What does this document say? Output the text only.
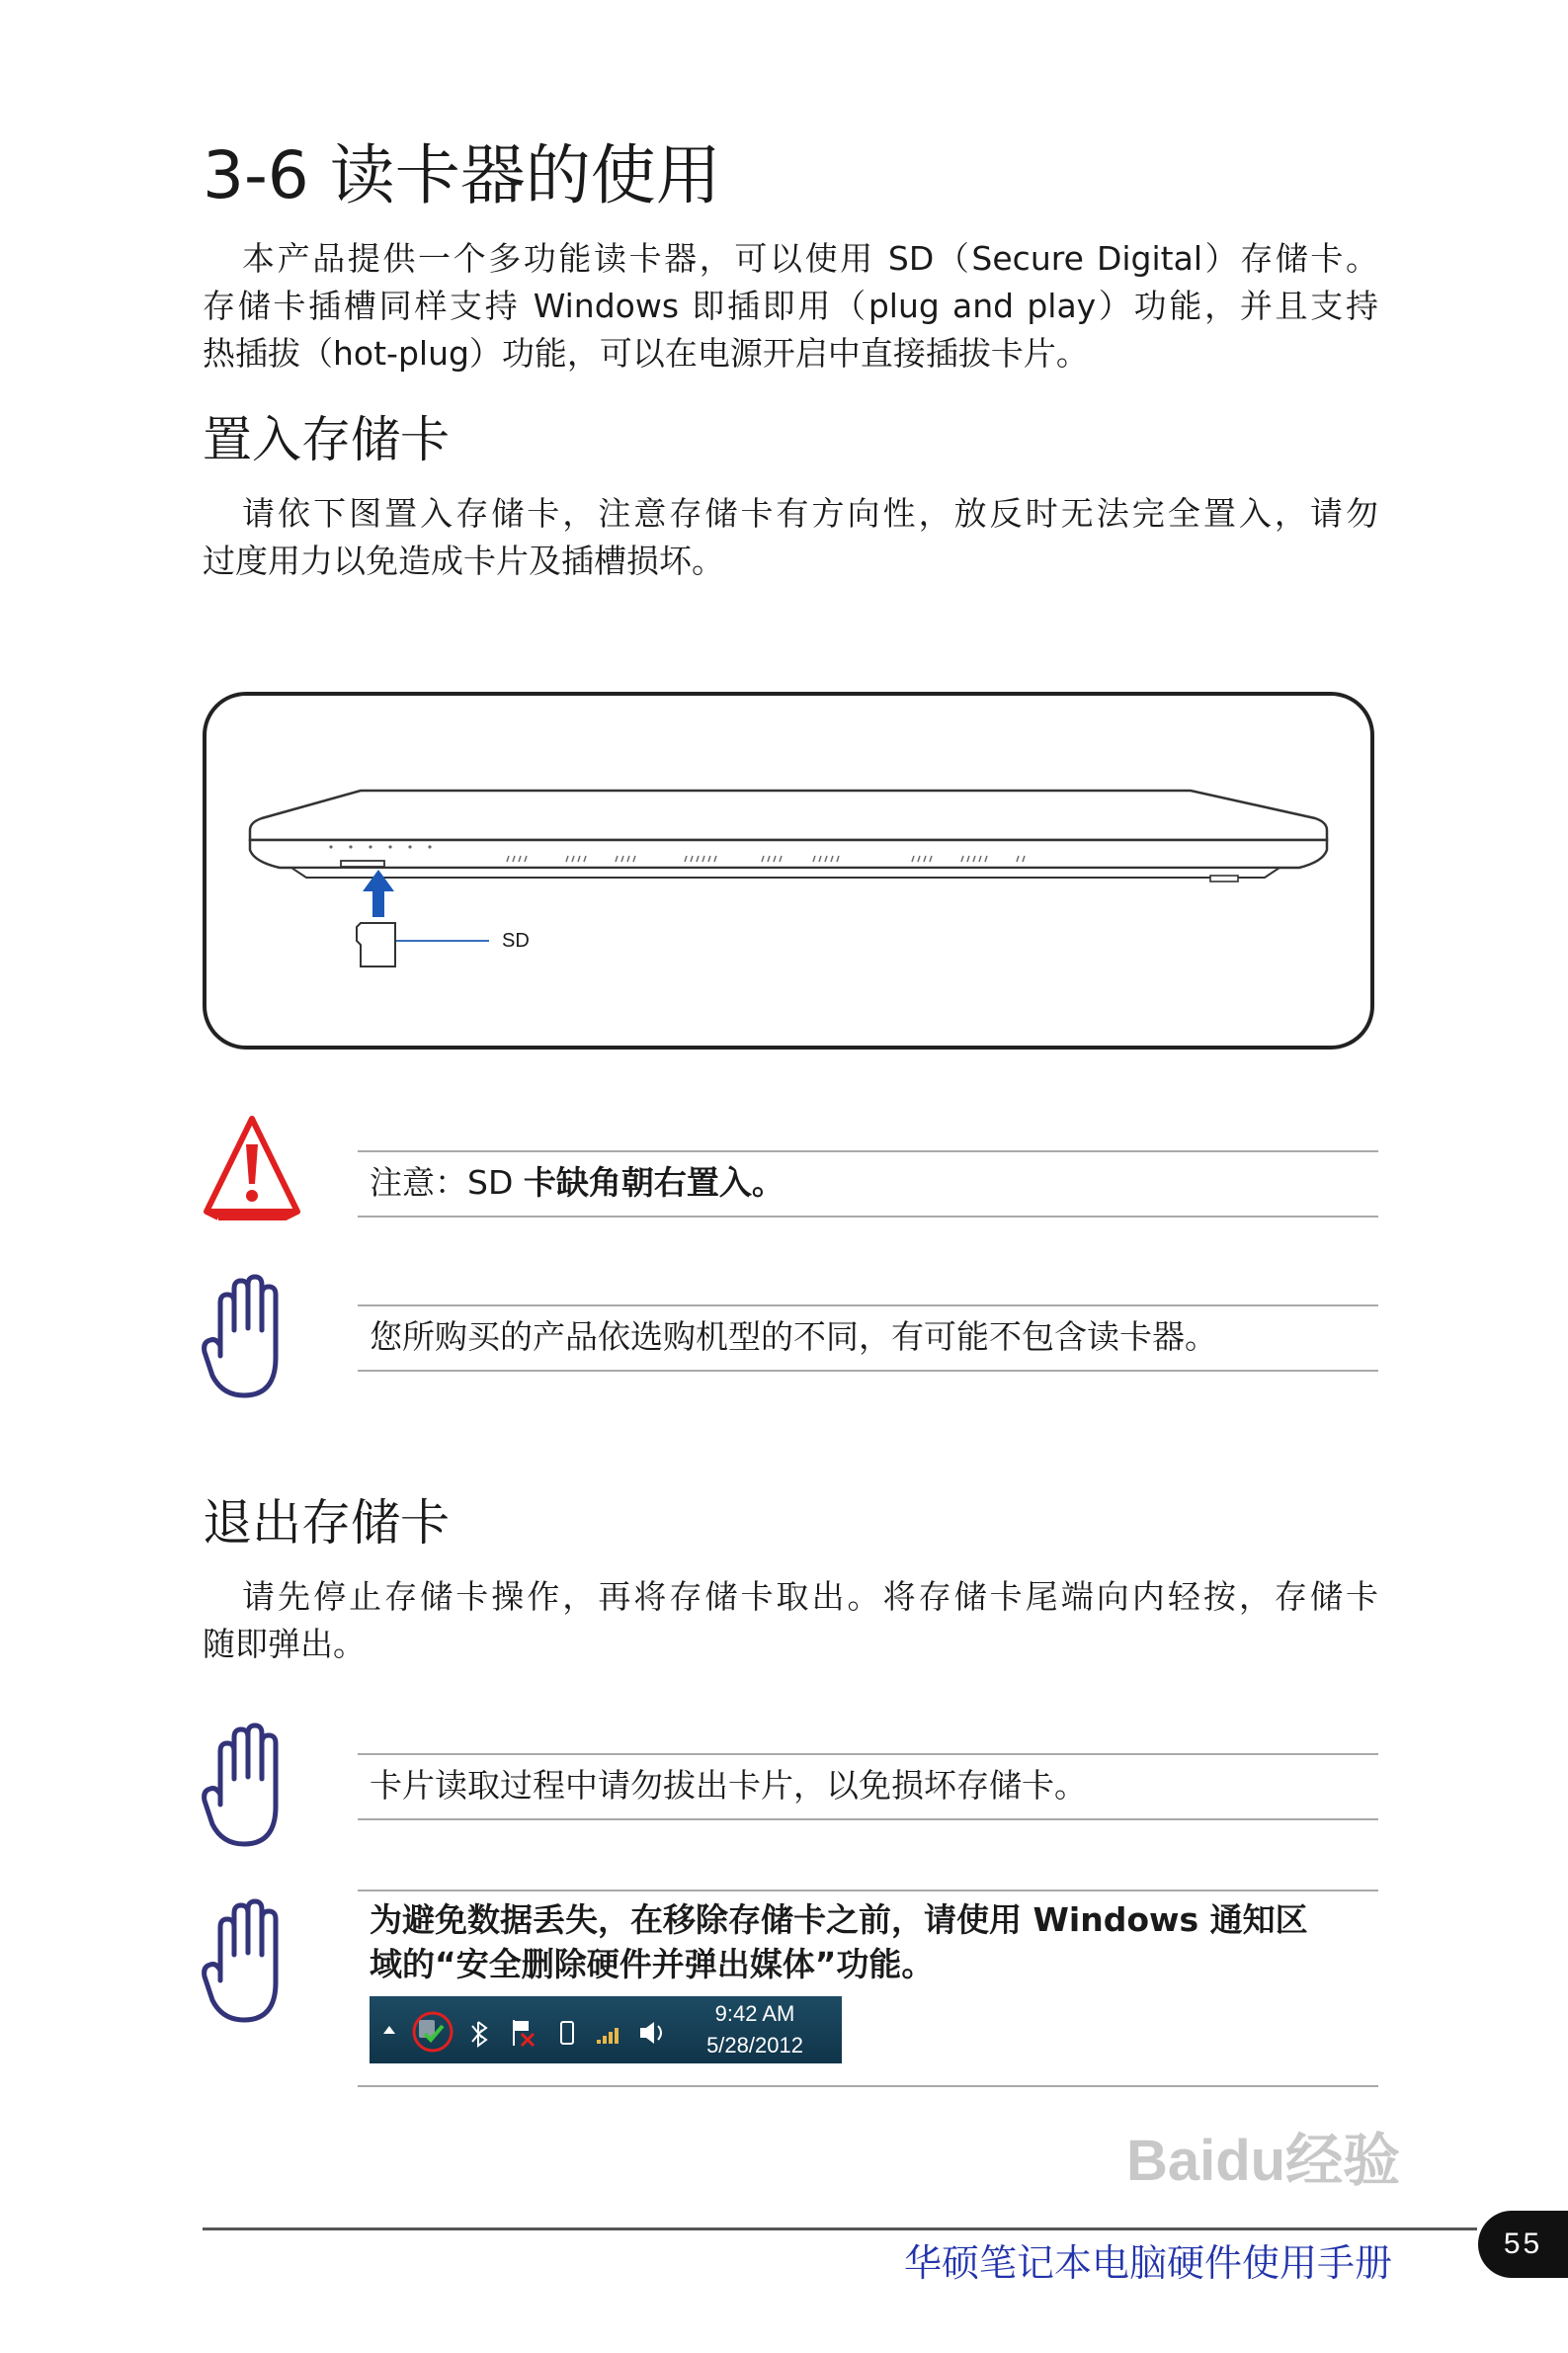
3-6 读卡器的使用
本产品提供一个多功能读卡器，可以使用 SD（Secure Digital）存储卡。
存储卡插槽同样支持 Windows 即插即用（plug and play）功能，并且支持
热插拔（hot-plug）功能，可以在电源开启中直接插拔卡片。
置入存储卡
请依下图置入存储卡，注意存储卡有方向性，放反时无法完全置入，请勿
过度用力以免造成卡片及插槽损坏。
SD
注意：SD 卡缺角朝右置入。
您所购买的产品依选购机型的不同，有可能不包含读卡器。
退出存储卡
请先停止存储卡操作，再将存储卡取出。将存储卡尾端向内轻按，存储卡
随即弹出。
卡片读取过程中请勿拔出卡片，以免损坏存储卡。
为避免数据丢失，在移除存储卡之前，请使用 Windows 通知区
域的“安全删除硬件并弹出媒体”功能。
9:42 AM
5/28/2012
Baidu经验
华硕笔记本电脑硬件使用手册	55
